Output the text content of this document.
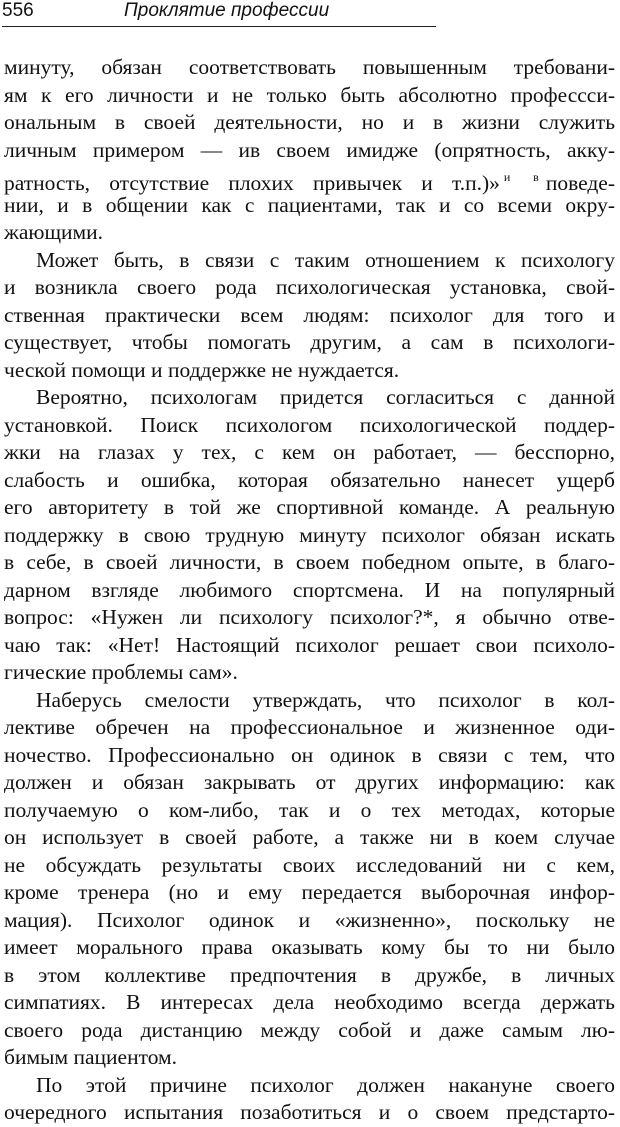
556	Проклятие профессии
минуту, обязан соответствовать повышенным требовани-
ям к его личности и не только быть абсолютно профессси-
ональным в своей деятельности, но и в жизни служить
личным примером — ив своем имидже (опрятность, акку-
ратность, отсутствие плохих привычек и т.п.)» $^{и в}$ поведе-
нии, и в общении как с пациентами, так и со всеми окру-
жающими.
Может быть, в связи с таким отношением к психологу
и возникла своего рода психологическая установка, свой-
ственная практически всем людям: психолог для того и
существует, чтобы помогать другим, а сам в психологи-
ческой помощи и поддержке не нуждается.
Вероятно, психологам придется согласиться с данной
установкой. Поиск психологом психологической поддер-
жки на глазах у тех, с кем он работает, — бесспорно,
слабость и ошибка, которая обязательно нанесет ущерб
его авторитету в той же спортивной команде. А реальную
поддержку в свою трудную минуту психолог обязан искать
в себе, в своей личности, в своем победном опыте, в благо-
дарном взгляде любимого спортсмена. И на популярный
вопрос: «Нужен ли психологу психолог?*, я обычно отве-
чаю так: «Нет! Настоящий психолог решает свои психоло-
гические проблемы сам».
Наберусь смелости утверждать, что психолог в кол-
лективе обречен на профессиональное и жизненное оди-
ночество. Профессионально он одинок в связи с тем, что
должен и обязан закрывать от других информацию: как
получаемую о ком-либо, так и о тех методах, которые
он использует в своей работе, а также ни в коем случае
не обсуждать результаты своих исследований ни с кем,
кроме тренера (но и ему передается выборочная инфор-
мация). Психолог одинок и «жизненно», поскольку не
имеет морального права оказывать кому бы то ни было
в этом коллективе предпочтения в дружбе, в личных
симпатиях. В интересах дела необходимо всегда держать
своего рода дистанцию между собой и даже самым лю-
бимым пациентом.
По этой причине психолог должен накануне своего
очередного испытания позаботиться и о своем предстарто-
